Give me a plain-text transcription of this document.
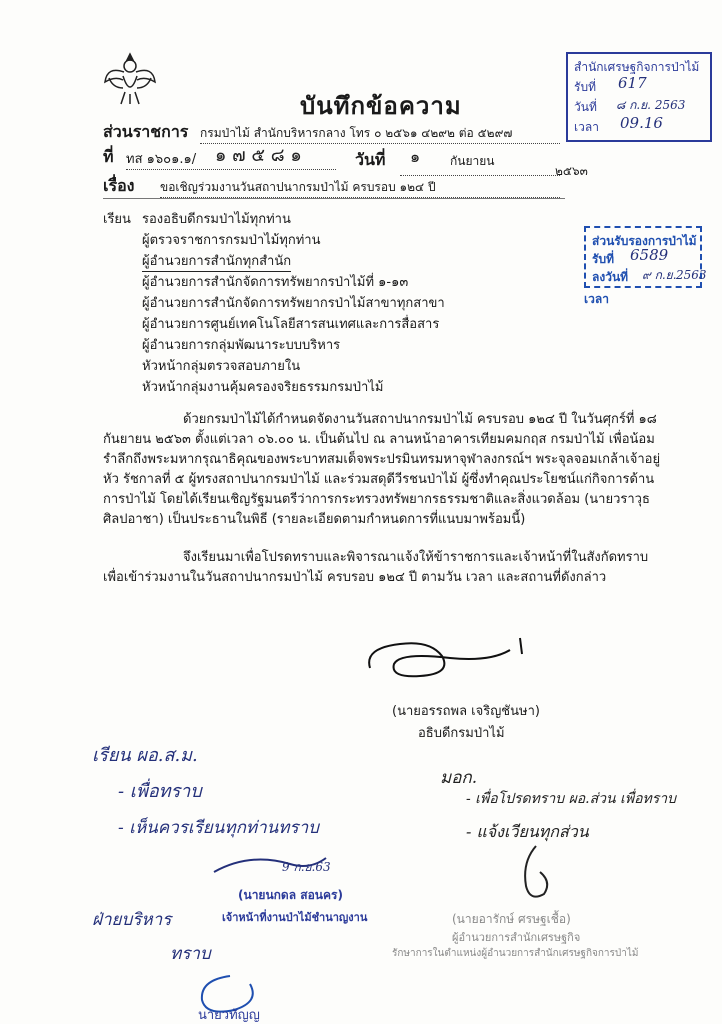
บันทึกข้อความ
สำนักเศรษฐกิจการป่าไม้
รับที่ 617
วันที่ ๘ ก.ย. 2563
เวลา 09.16
ส่วนราชการ กรมป่าไม้ สำนักบริหารกลาง โทร ๐ ๒๕๖๑ ๔๒๙๒ ต่อ ๕๒๙๗
ที่ ทส ๑๖๐๑.๑/	๑ ๗ ๕ ๘ ๑	วันที่ ๑ กันยายน
๒๕๖๓
เรื่อง ขอเชิญร่วมงานวันสถาปนากรมป่าไม้ ครบรอบ ๑๒๔ ปี
ส่วนรับรองการป่าไม้
รับที่ 6589
ลงวันที่ ๙ ก.ย.
เวลา
2563
เรียน รองอธิบดีกรมป่าไม้ทุกท่าน
ผู้ตรวจราชการกรมป่าไม้ทุกท่าน
ผู้อำนวยการสำนักทุกสำนัก
ผู้อำนวยการสำนักจัดการทรัพยากรป่าไม้ที่ ๑-๑๓
ผู้อำนวยการสำนักจัดการทรัพยากรป่าไม้สาขาทุกสาขา
ผู้อำนวยการศูนย์เทคโนโลยีสารสนเทศและการสื่อสาร
ผู้อำนวยการกลุ่มพัฒนาระบบบริหาร
หัวหน้ากลุ่มตรวจสอบภายใน
หัวหน้ากลุ่มงานคุ้มครองจริยธรรมกรมป่าไม้
ด้วยกรมป่าไม้ได้กำหนดจัดงานวันสถาปนากรมป่าไม้ ครบรอบ ๑๒๔ ปี ในวันศุกร์ที่ ๑๘ กันยายน ๒๕๖๓ ตั้งแต่เวลา ๐๖.๐๐ น. เป็นต้นไป ณ ลานหน้าอาคารเทียมคมกฤส กรมป่าไม้ เพื่อน้อมรำลึกถึงพระมหากรุณาธิคุณของพระบาทสมเด็จพระปรมินทรมหาจุฬาลงกรณ์ฯ พระจุลจอมเกล้าเจ้าอยู่หัว รัชกาลที่ ๕ ผู้ทรงสถาปนากรมป่าไม้ และร่วมสดุดีวีรชนป่าไม้ ผู้ซึ่งทำคุณประโยชน์แก่กิจการด้านการป่าไม้ โดยได้เรียนเชิญรัฐมนตรีว่าการกระทรวงทรัพยากรธรรมชาติและสิ่งแวดล้อม (นายวราวุธ ศิลปอาชา) เป็นประธานในพิธี (รายละเอียดตามกำหนดการที่แนบมาพร้อมนี้)
จึงเรียนมาเพื่อโปรดทราบและพิจารณาแจ้งให้ข้าราชการและเจ้าหน้าที่ในสังกัดทราบเพื่อเข้าร่วมงานในวันสถาปนากรมป่าไม้ ครบรอบ ๑๒๔ ปี ตามวัน เวลา และสถานที่ดังกล่าว
(นายอรรถพล เจริญชันษา)
อธิบดีกรมป่าไม้
เรียน ผอ.ส.ม.
- เพื่อทราบ
- เห็นควรเรียนทุกท่านทราบ
9 ก.ย.63
(นายนกดล สอนคร)
เจ้าหน้าที่งานป่าไม้ชำนาญงาน
ฝ่ายบริหาร
ทราบ
นายวทัญญ
มอก.
- เพื่อโปรดทราบ ผอ.ส่วน เพื่อทราบ
- แจ้งเวียนทุกส่วน
(นายอารักษ์ ศรษฐเชื้อ)
ผู้อำนวยการสำนักเศรษฐกิจ
รักษาการในตำแหน่งผู้อำนวยการสำนักเศรษฐกิจการป่าไม้
